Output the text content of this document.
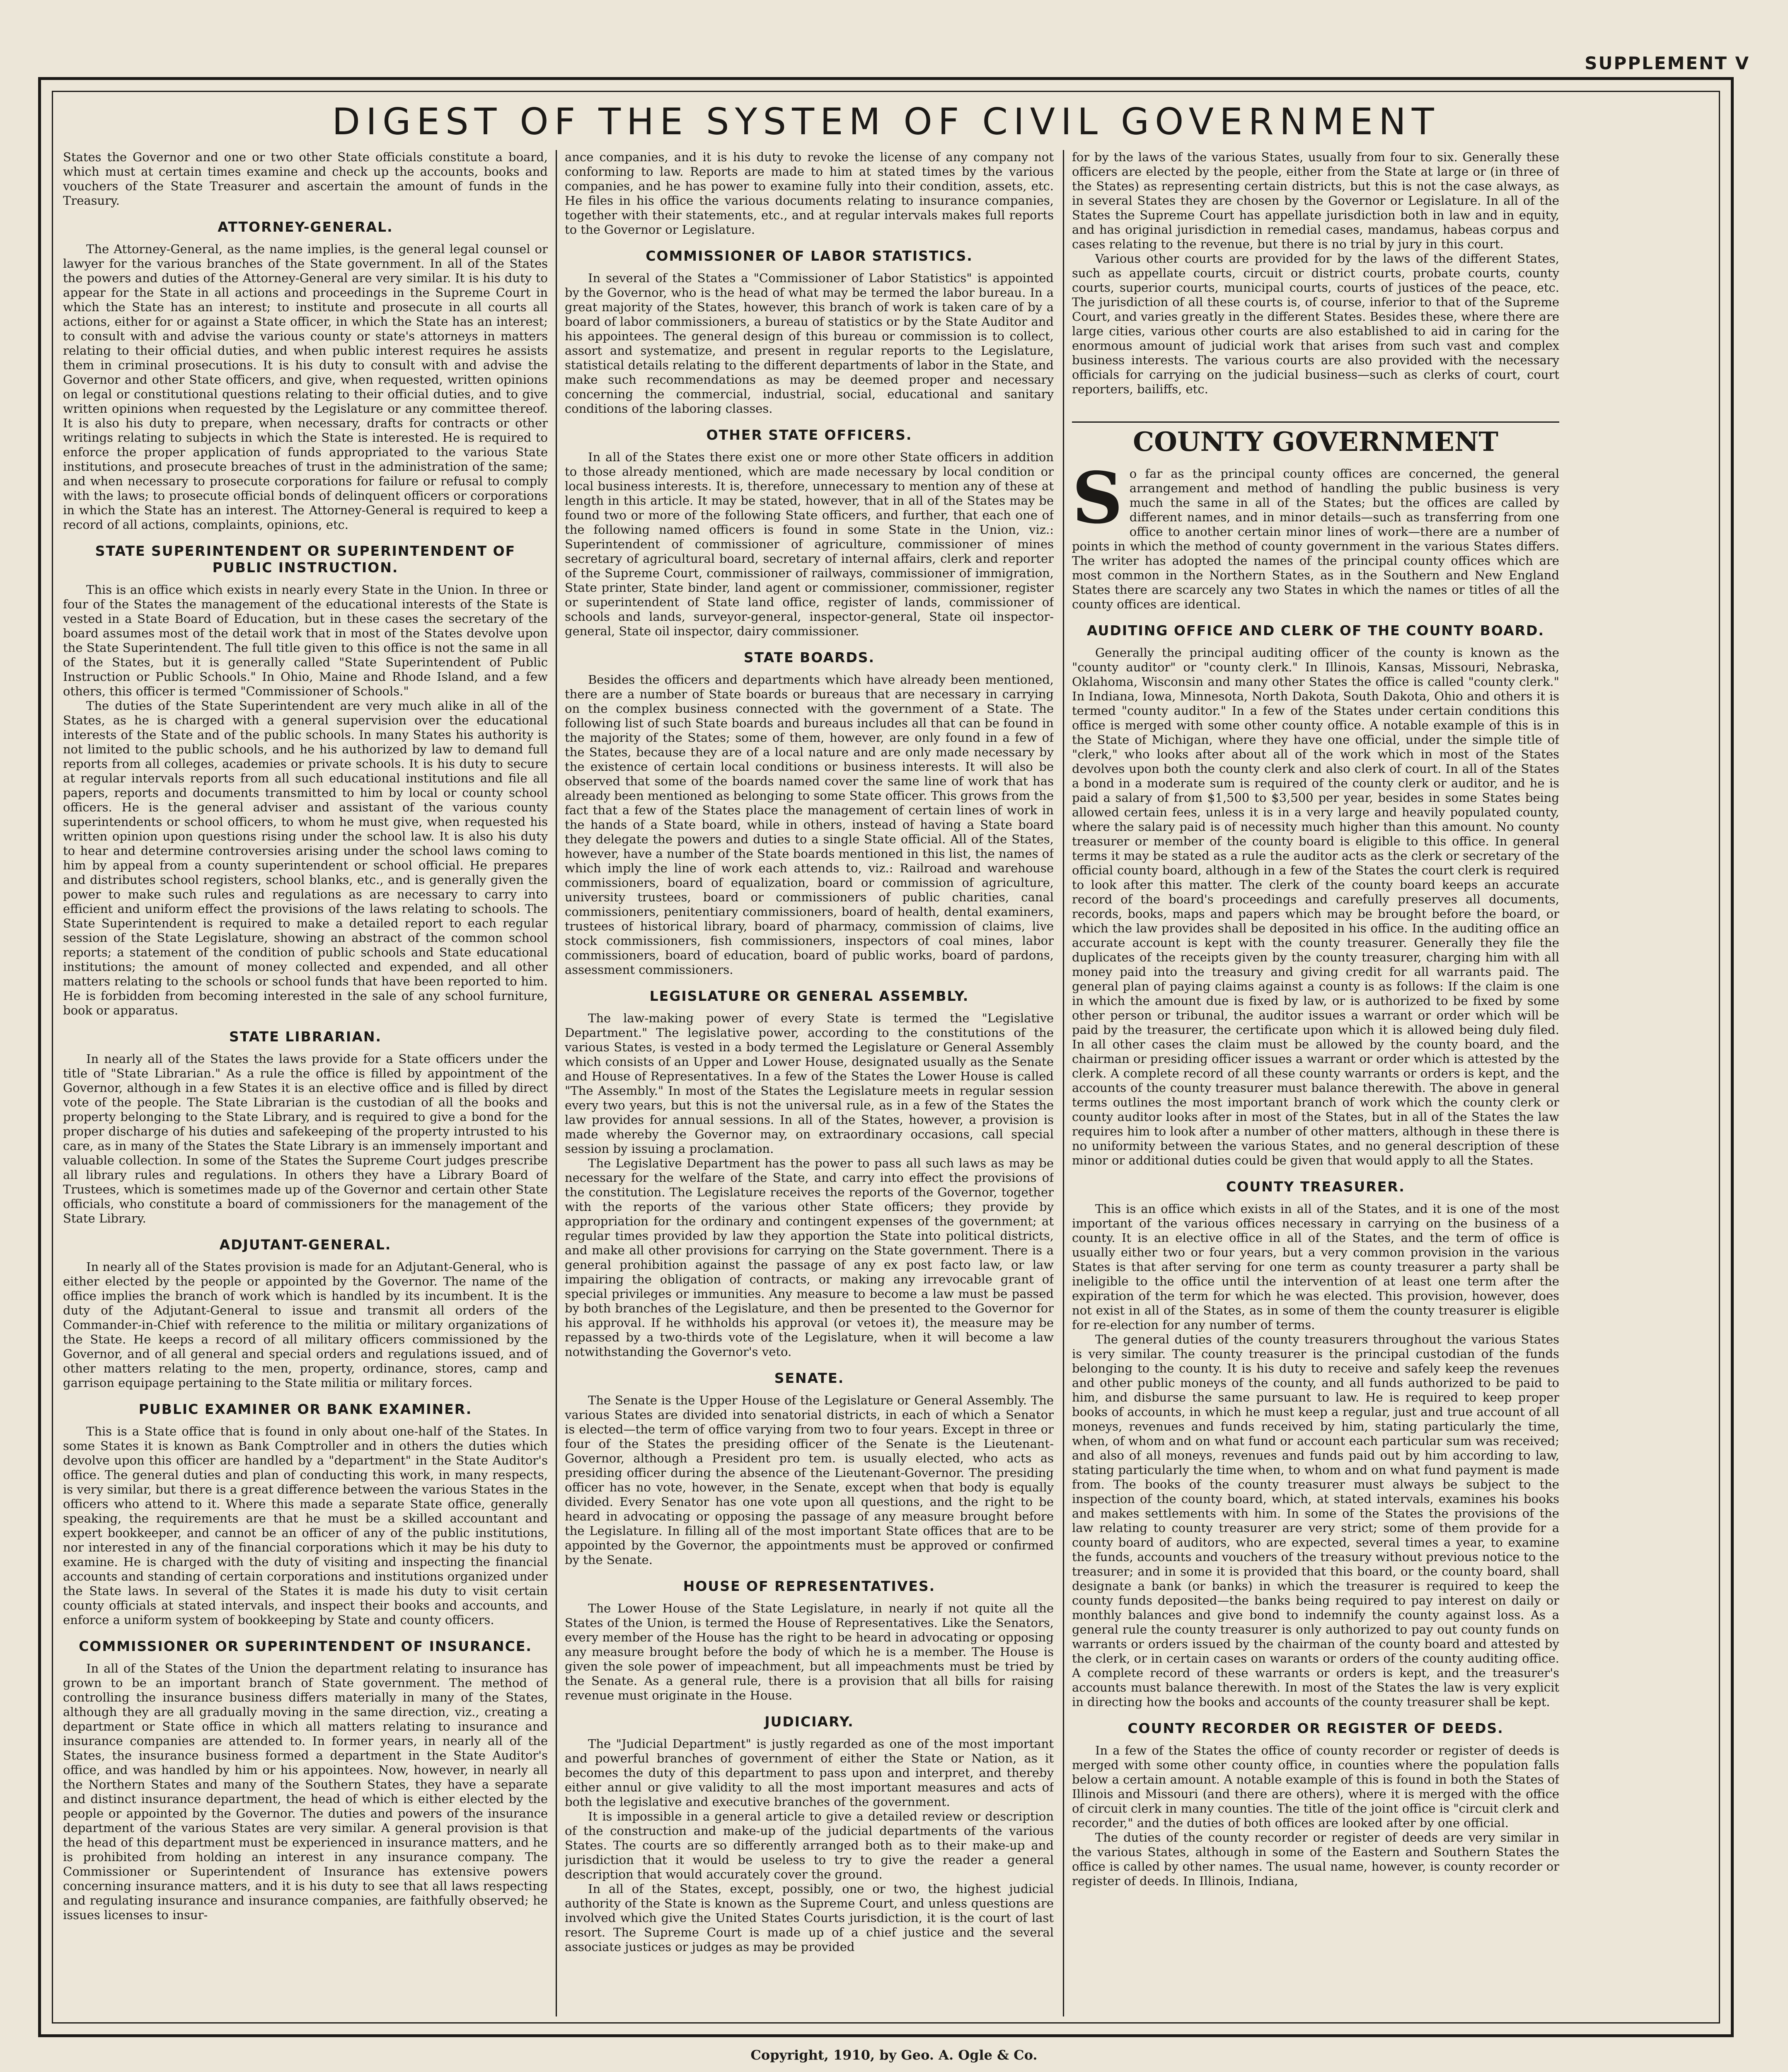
SUPPLEMENT V
DIGEST OF THE SYSTEM OF CIVIL GOVERNMENT

States the Governor and one or two other State officials constitute a board, which must at certain times examine and check up the accounts, books and vouchers of the State Treasurer and ascertain the amount of funds in the Treasury.

ATTORNEY-GENERAL.

The Attorney-General, as the name implies, is the general legal counsel or lawyer for the various branches of the State government. In all of the States the powers and duties of the Attorney-General are very similar. It is his duty to appear for the State in all actions and proceedings in the Supreme Court in which the State has an interest; to institute and prosecute in all courts all actions, either for or against a State officer, in which the State has an interest; to consult with and advise the various county or state's attorneys in matters relating to their official duties, and when public interest requires he assists them in criminal prosecutions. It is his duty to consult with and advise the Governor and other State officers, and give, when requested, written opinions on legal or constitutional questions relating to their official duties, and to give written opinions when requested by the Legislature or any committee thereof. It is also his duty to prepare, when necessary, drafts for contracts or other writings relating to subjects in which the State is interested. He is required to enforce the proper application of funds appropriated to the various State institutions, and prosecute breaches of trust in the administration of the same; and when necessary to prosecute corporations for failure or refusal to comply with the laws; to prosecute official bonds of delinquent officers or corporations in which the State has an interest. The Attorney-General is required to keep a record of all actions, complaints, opinions, etc.

STATE SUPERINTENDENT OR SUPERINTENDENT OF PUBLIC INSTRUCTION.

This is an office which exists in nearly every State in the Union. In three or four of the States the management of the educational interests of the State is vested in a State Board of Education, but in these cases the secretary of the board assumes most of the detail work that in most of the States devolve upon the State Superintendent. The full title given to this office is not the same in all of the States, but it is generally called "State Superintendent of Public Instruction or Public Schools." In Ohio, Maine and Rhode Island, and a few others, this officer is termed "Commissioner of Schools."

The duties of the State Superintendent are very much alike in all of the States, as he is charged with a general supervision over the educational interests of the State and of the public schools. In many States his authority is not limited to the public schools, and he his authorized by law to demand full reports from all colleges, academies or private schools. It is his duty to secure at regular intervals reports from all such educational institutions and file all papers, reports and documents transmitted to him by local or county school officers. He is the general adviser and assistant of the various county superintendents or school officers, to whom he must give, when requested his written opinion upon questions rising under the school law. It is also his duty to hear and determine controversies arising under the school laws coming to him by appeal from a county superintendent or school official. He prepares and distributes school registers, school blanks, etc., and is generally given the power to make such rules and regulations as are necessary to carry into efficient and uniform effect the provisions of the laws relating to schools. The State Superintendent is required to make a detailed report to each regular session of the State Legislature, showing an abstract of the common school reports; a statement of the condition of public schools and State educational institutions; the amount of money collected and expended, and all other matters relating to the schools or school funds that have been reported to him. He is forbidden from becoming interested in the sale of any school furniture, book or apparatus.

STATE LIBRARIAN.

In nearly all of the States the laws provide for a State officers under the title of "State Librarian." As a rule the office is filled by appointment of the Governor, although in a few States it is an elective office and is filled by direct vote of the people. The State Librarian is the custodian of all the books and property belonging to the State Library, and is required to give a bond for the proper discharge of his duties and safekeeping of the property intrusted to his care, as in many of the States the State Library is an immensely important and valuable collection. In some of the States the Supreme Court judges prescribe all library rules and regulations. In others they have a Library Board of Trustees, which is sometimes made up of the Governor and certain other State officials, who constitute a board of commissioners for the management of the State Library.

ADJUTANT-GENERAL.

In nearly all of the States provision is made for an Adjutant-General, who is either elected by the people or appointed by the Governor. The name of the office implies the branch of work which is handled by its incumbent. It is the duty of the Adjutant-General to issue and transmit all orders of the Commander-in-Chief with reference to the militia or military organizations of the State. He keeps a record of all military officers commissioned by the Governor, and of all general and special orders and regulations issued, and of other matters relating to the men, property, ordinance, stores, camp and garrison equipage pertaining to the State militia or military forces.

PUBLIC EXAMINER OR BANK EXAMINER.

This is a State office that is found in only about one-half of the States. In some States it is known as Bank Comptroller and in others the duties which devolve upon this officer are handled by a "department" in the State Auditor's office. The general duties and plan of conducting this work, in many respects, is very similar, but there is a great difference between the various States in the officers who attend to it. Where this made a separate State office, generally speaking, the requirements are that he must be a skilled accountant and expert bookkeeper, and cannot be an officer of any of the public institutions, nor interested in any of the financial corporations which it may be his duty to examine. He is charged with the duty of visiting and inspecting the financial accounts and standing of certain corporations and institutions organized under the State laws. In several of the States it is made his duty to visit certain county officials at stated intervals, and inspect their books and accounts, and enforce a uniform system of bookkeeping by State and county officers.

COMMISSIONER OR SUPERINTENDENT OF INSURANCE.

In all of the States of the Union the department relating to insurance has grown to be an important branch of State government. The method of controlling the insurance business differs materially in many of the States, although they are all gradually moving in the same direction, viz., creating a department or State office in which all matters relating to insurance and insurance companies are attended to. In former years, in nearly all of the States, the insurance business formed a department in the State Auditor's office, and was handled by him or his appointees. Now, however, in nearly all the Northern States and many of the Southern States, they have a separate and distinct insurance department, the head of which is either elected by the people or appointed by the Governor. The duties and powers of the insurance department of the various States are very similar. A general provision is that the head of this department must be experienced in insurance matters, and he is prohibited from holding an interest in any insurance company. The Commissioner or Superintendent of Insurance has extensive powers concerning insurance matters, and it is his duty to see that all laws respecting and regulating insurance and insurance companies, are faithfully observed; he issues licenses to insur-

ance companies, and it is his duty to revoke the license of any company not conforming to law. Reports are made to him at stated times by the various companies, and he has power to examine fully into their condition, assets, etc. He files in his office the various documents relating to insurance companies, together with their statements, etc., and at regular intervals makes full reports to the Governor or Legislature.

COMMISSIONER OF LABOR STATISTICS.

In several of the States a "Commissioner of Labor Statistics" is appointed by the Governor, who is the head of what may be termed the labor bureau. In a great majority of the States, however, this branch of work is taken care of by a board of labor commissioners, a bureau of statistics or by the State Auditor and his appointees. The general design of this bureau or commission is to collect, assort and systematize, and present in regular reports to the Legislature, statistical details relating to the different departments of labor in the State, and make such recommendations as may be deemed proper and necessary concerning the commercial, industrial, social, educational and sanitary conditions of the laboring classes.

OTHER STATE OFFICERS.

In all of the States there exist one or more other State officers in addition to those already mentioned, which are made necessary by local condition or local business interests. It is, therefore, unnecessary to mention any of these at length in this article. It may be stated, however, that in all of the States may be found two or more of the following State officers, and further, that each one of the following named officers is found in some State in the Union, viz.: Superintendent of commissioner of agriculture, commissioner of mines secretary of agricultural board, secretary of internal affairs, clerk and reporter of the Supreme Court, commissioner of railways, commissioner of immigration, State printer, State binder, land agent or commissioner, commissioner, register or superintendent of State land office, register of lands, commissioner of schools and lands, surveyor-general, inspector-general, State oil inspector-general, State oil inspector, dairy commissioner.

STATE BOARDS.

Besides the officers and departments which have already been mentioned, there are a number of State boards or bureaus that are necessary in carrying on the complex business connected with the government of a State. The following list of such State boards and bureaus includes all that can be found in the majority of the States; some of them, however, are only found in a few of the States, because they are of a local nature and are only made necessary by the existence of certain local conditions or business interests. It will also be observed that some of the boards named cover the same line of work that has already been mentioned as belonging to some State officer. This grows from the fact that a few of the States place the management of certain lines of work in the hands of a State board, while in others, instead of having a State board they delegate the powers and duties to a single State official. All of the States, however, have a number of the State boards mentioned in this list, the names of which imply the line of work each attends to, viz.: Railroad and warehouse commissioners, board of equalization, board or commission of agriculture, university trustees, board or commissioners of public charities, canal commissioners, penitentiary commissioners, board of health, dental examiners, trustees of historical library, board of pharmacy, commission of claims, live stock commissioners, fish commissioners, inspectors of coal mines, labor commissioners, board of education, board of public works, board of pardons, assessment commissioners.

LEGISLATURE OR GENERAL ASSEMBLY.

The law-making power of every State is termed the "Legislative Department." The legislative power, according to the constitutions of the various States, is vested in a body termed the Legislature or General Assembly which consists of an Upper and Lower House, designated usually as the Senate and House of Representatives. In a few of the States the Lower House is called "The Assembly." In most of the States the Legislature meets in regular session every two years, but this is not the universal rule, as in a few of the States the law provides for annual sessions. In all of the States, however, a provision is made whereby the Governor may, on extraordinary occasions, call special session by issuing a proclamation.

The Legislative Department has the power to pass all such laws as may be necessary for the welfare of the State, and carry into effect the provisions of the constitution. The Legislature receives the reports of the Governor, together with the reports of the various other State officers; they provide by appropriation for the ordinary and contingent expenses of the government; at regular times provided by law they apportion the State into political districts, and make all other provisions for carrying on the State government. There is a general prohibition against the passage of any ex post facto law, or law impairing the obligation of contracts, or making any irrevocable grant of special privileges or immunities. Any measure to become a law must be passed by both branches of the Legislature, and then be presented to the Governor for his approval. If he withholds his approval (or vetoes it), the measure may be repassed by a two-thirds vote of the Legislature, when it will become a law notwithstanding the Governor's veto.

SENATE.

The Senate is the Upper House of the Legislature or General Assembly. The various States are divided into senatorial districts, in each of which a Senator is elected—the term of office varying from two to four years. Except in three or four of the States the presiding officer of the Senate is the Lieutenant-Governor, although a President pro tem. is usually elected, who acts as presiding officer during the absence of the Lieutenant-Governor. The presiding officer has no vote, however, in the Senate, except when that body is equally divided. Every Senator has one vote upon all questions, and the right to be heard in advocating or opposing the passage of any measure brought before the Legislature. In filling all of the most important State offices that are to be appointed by the Governor, the appointments must be approved or confirmed by the Senate.

HOUSE OF REPRESENTATIVES.

The Lower House of the State Legislature, in nearly if not quite all the States of the Union, is termed the House of Representatives. Like the Senators, every member of the House has the right to be heard in advocating or opposing any measure brought before the body of which he is a member. The House is given the sole power of impeachment, but all impeachments must be tried by the Senate. As a general rule, there is a provision that all bills for raising revenue must originate in the House.

JUDICIARY.

The "Judicial Department" is justly regarded as one of the most important and powerful branches of government of either the State or Nation, as it becomes the duty of this department to pass upon and interpret, and thereby either annul or give validity to all the most important measures and acts of both the legislative and executive branches of the government.

It is impossible in a general article to give a detailed review or description of the construction and make-up of the judicial departments of the various States. The courts are so differently arranged both as to their make-up and jurisdiction that it would be useless to try to give the reader a general description that would accurately cover the ground.

In all of the States, except, possibly, one or two, the highest judicial authority of the State is known as the Supreme Court, and unless questions are involved which give the United States Courts jurisdiction, it is the court of last resort. The Supreme Court is made up of a chief justice and the several associate justices or judges as may be provided

for by the laws of the various States, usually from four to six. Generally these officers are elected by the people, either from the State at large or (in three of the States) as representing certain districts, but this is not the case always, as in several States they are chosen by the Governor or Legislature. In all of the States the Supreme Court has appellate jurisdiction both in law and in equity, and has original jurisdiction in remedial cases, mandamus, habeas corpus and cases relating to the revenue, but there is no trial by jury in this court.

Various other courts are provided for by the laws of the different States, such as appellate courts, circuit or district courts, probate courts, county courts, superior courts, municipal courts, courts of justices of the peace, etc. The jurisdiction of all these courts is, of course, inferior to that of the Supreme Court, and varies greatly in the different States. Besides these, where there are large cities, various other courts are also established to aid in caring for the enormous amount of judicial work that arises from such vast and complex business interests. The various courts are also provided with the necessary officials for carrying on the judicial business—such as clerks of court, court reporters, bailiffs, etc.

COUNTY GOVERNMENT

So far as the principal county offices are concerned, the general arrangement and method of handling the public business is very much the same in all of the States; but the offices are called by different names, and in minor details—such as transferring from one office to another certain minor lines of work—there are a number of points in which the method of county government in the various States differs. The writer has adopted the names of the principal county offices which are most common in the Northern States, as in the Southern and New England States there are scarcely any two States in which the names or titles of all the county offices are identical.

AUDITING OFFICE AND CLERK OF THE COUNTY BOARD.

Generally the principal auditing officer of the county is known as the "county auditor" or "county clerk." In Illinois, Kansas, Missouri, Nebraska, Oklahoma, Wisconsin and many other States the office is called "county clerk." In Indiana, Iowa, Minnesota, North Dakota, South Dakota, Ohio and others it is termed "county auditor." In a few of the States under certain conditions this office is merged with some other county office. A notable example of this is in the State of Michigan, where they have one official, under the simple title of "clerk," who looks after about all of the work which in most of the States devolves upon both the county clerk and also clerk of court. In all of the States a bond in a moderate sum is required of the county clerk or auditor, and he is paid a salary of from $1,500 to $3,500 per year, besides in some States being allowed certain fees, unless it is in a very large and heavily populated county, where the salary paid is of necessity much higher than this amount. No county treasurer or member of the county board is eligible to this office. In general terms it may be stated as a rule the auditor acts as the clerk or secretary of the official county board, although in a few of the States the court clerk is required to look after this matter. The clerk of the county board keeps an accurate record of the board's proceedings and carefully preserves all documents, records, books, maps and papers which may be brought before the board, or which the law provides shall be deposited in his office. In the auditing office an accurate account is kept with the county treasurer. Generally they file the duplicates of the receipts given by the county treasurer, charging him with all money paid into the treasury and giving credit for all warrants paid. The general plan of paying claims against a county is as follows: If the claim is one in which the amount due is fixed by law, or is authorized to be fixed by some other person or tribunal, the auditor issues a warrant or order which will be paid by the treasurer, the certificate upon which it is allowed being duly filed. In all other cases the claim must be allowed by the county board, and the chairman or presiding officer issues a warrant or order which is attested by the clerk. A complete record of all these county warrants or orders is kept, and the accounts of the county treasurer must balance therewith. The above in general terms outlines the most important branch of work which the county clerk or county auditor looks after in most of the States, but in all of the States the law requires him to look after a number of other matters, although in these there is no uniformity between the various States, and no general description of these minor or additional duties could be given that would apply to all the States.

COUNTY TREASURER.

This is an office which exists in all of the States, and it is one of the most important of the various offices necessary in carrying on the business of a county. It is an elective office in all of the States, and the term of office is usually either two or four years, but a very common provision in the various States is that after serving for one term as county treasurer a party shall be ineligible to the office until the intervention of at least one term after the expiration of the term for which he was elected. This provision, however, does not exist in all of the States, as in some of them the county treasurer is eligible for re-election for any number of terms.

The general duties of the county treasurers throughout the various States is very similar. The county treasurer is the principal custodian of the funds belonging to the county. It is his duty to receive and safely keep the revenues and other public moneys of the county, and all funds authorized to be paid to him, and disburse the same pursuant to law. He is required to keep proper books of accounts, in which he must keep a regular, just and true account of all moneys, revenues and funds received by him, stating particularly the time, when, of whom and on what fund or account each particular sum was received; and also of all moneys, revenues and funds paid out by him according to law, stating particularly the time when, to whom and on what fund payment is made from. The books of the county treasurer must always be subject to the inspection of the county board, which, at stated intervals, examines his books and makes settlements with him. In some of the States the provisions of the law relating to county treasurer are very strict; some of them provide for a county board of auditors, who are expected, several times a year, to examine the funds, accounts and vouchers of the treasury without previous notice to the treasurer; and in some it is provided that this board, or the county board, shall designate a bank (or banks) in which the treasurer is required to keep the county funds deposited—the banks being required to pay interest on daily or monthly balances and give bond to indemnify the county against loss. As a general rule the county treasurer is only authorized to pay out county funds on warrants or orders issued by the chairman of the county board and attested by the clerk, or in certain cases on warants or orders of the county auditing office. A complete record of these warrants or orders is kept, and the treasurer's accounts must balance therewith. In most of the States the law is very explicit in directing how the books and accounts of the county treasurer shall be kept.

COUNTY RECORDER OR REGISTER OF DEEDS.

In a few of the States the office of county recorder or register of deeds is merged with some other county office, in counties where the population falls below a certain amount. A notable example of this is found in both the States of Illinois and Missouri (and there are others), where it is merged with the office of circuit clerk in many counties. The title of the joint office is "circuit clerk and recorder," and the duties of both offices are looked after by one official.

The duties of the county recorder or register of deeds are very similar in the various States, although in some of the Eastern and Southern States the office is called by other names. The usual name, however, is county recorder or register of deeds. In Illinois, Indiana,

Copyright, 1910, by Geo. A. Ogle & Co.
